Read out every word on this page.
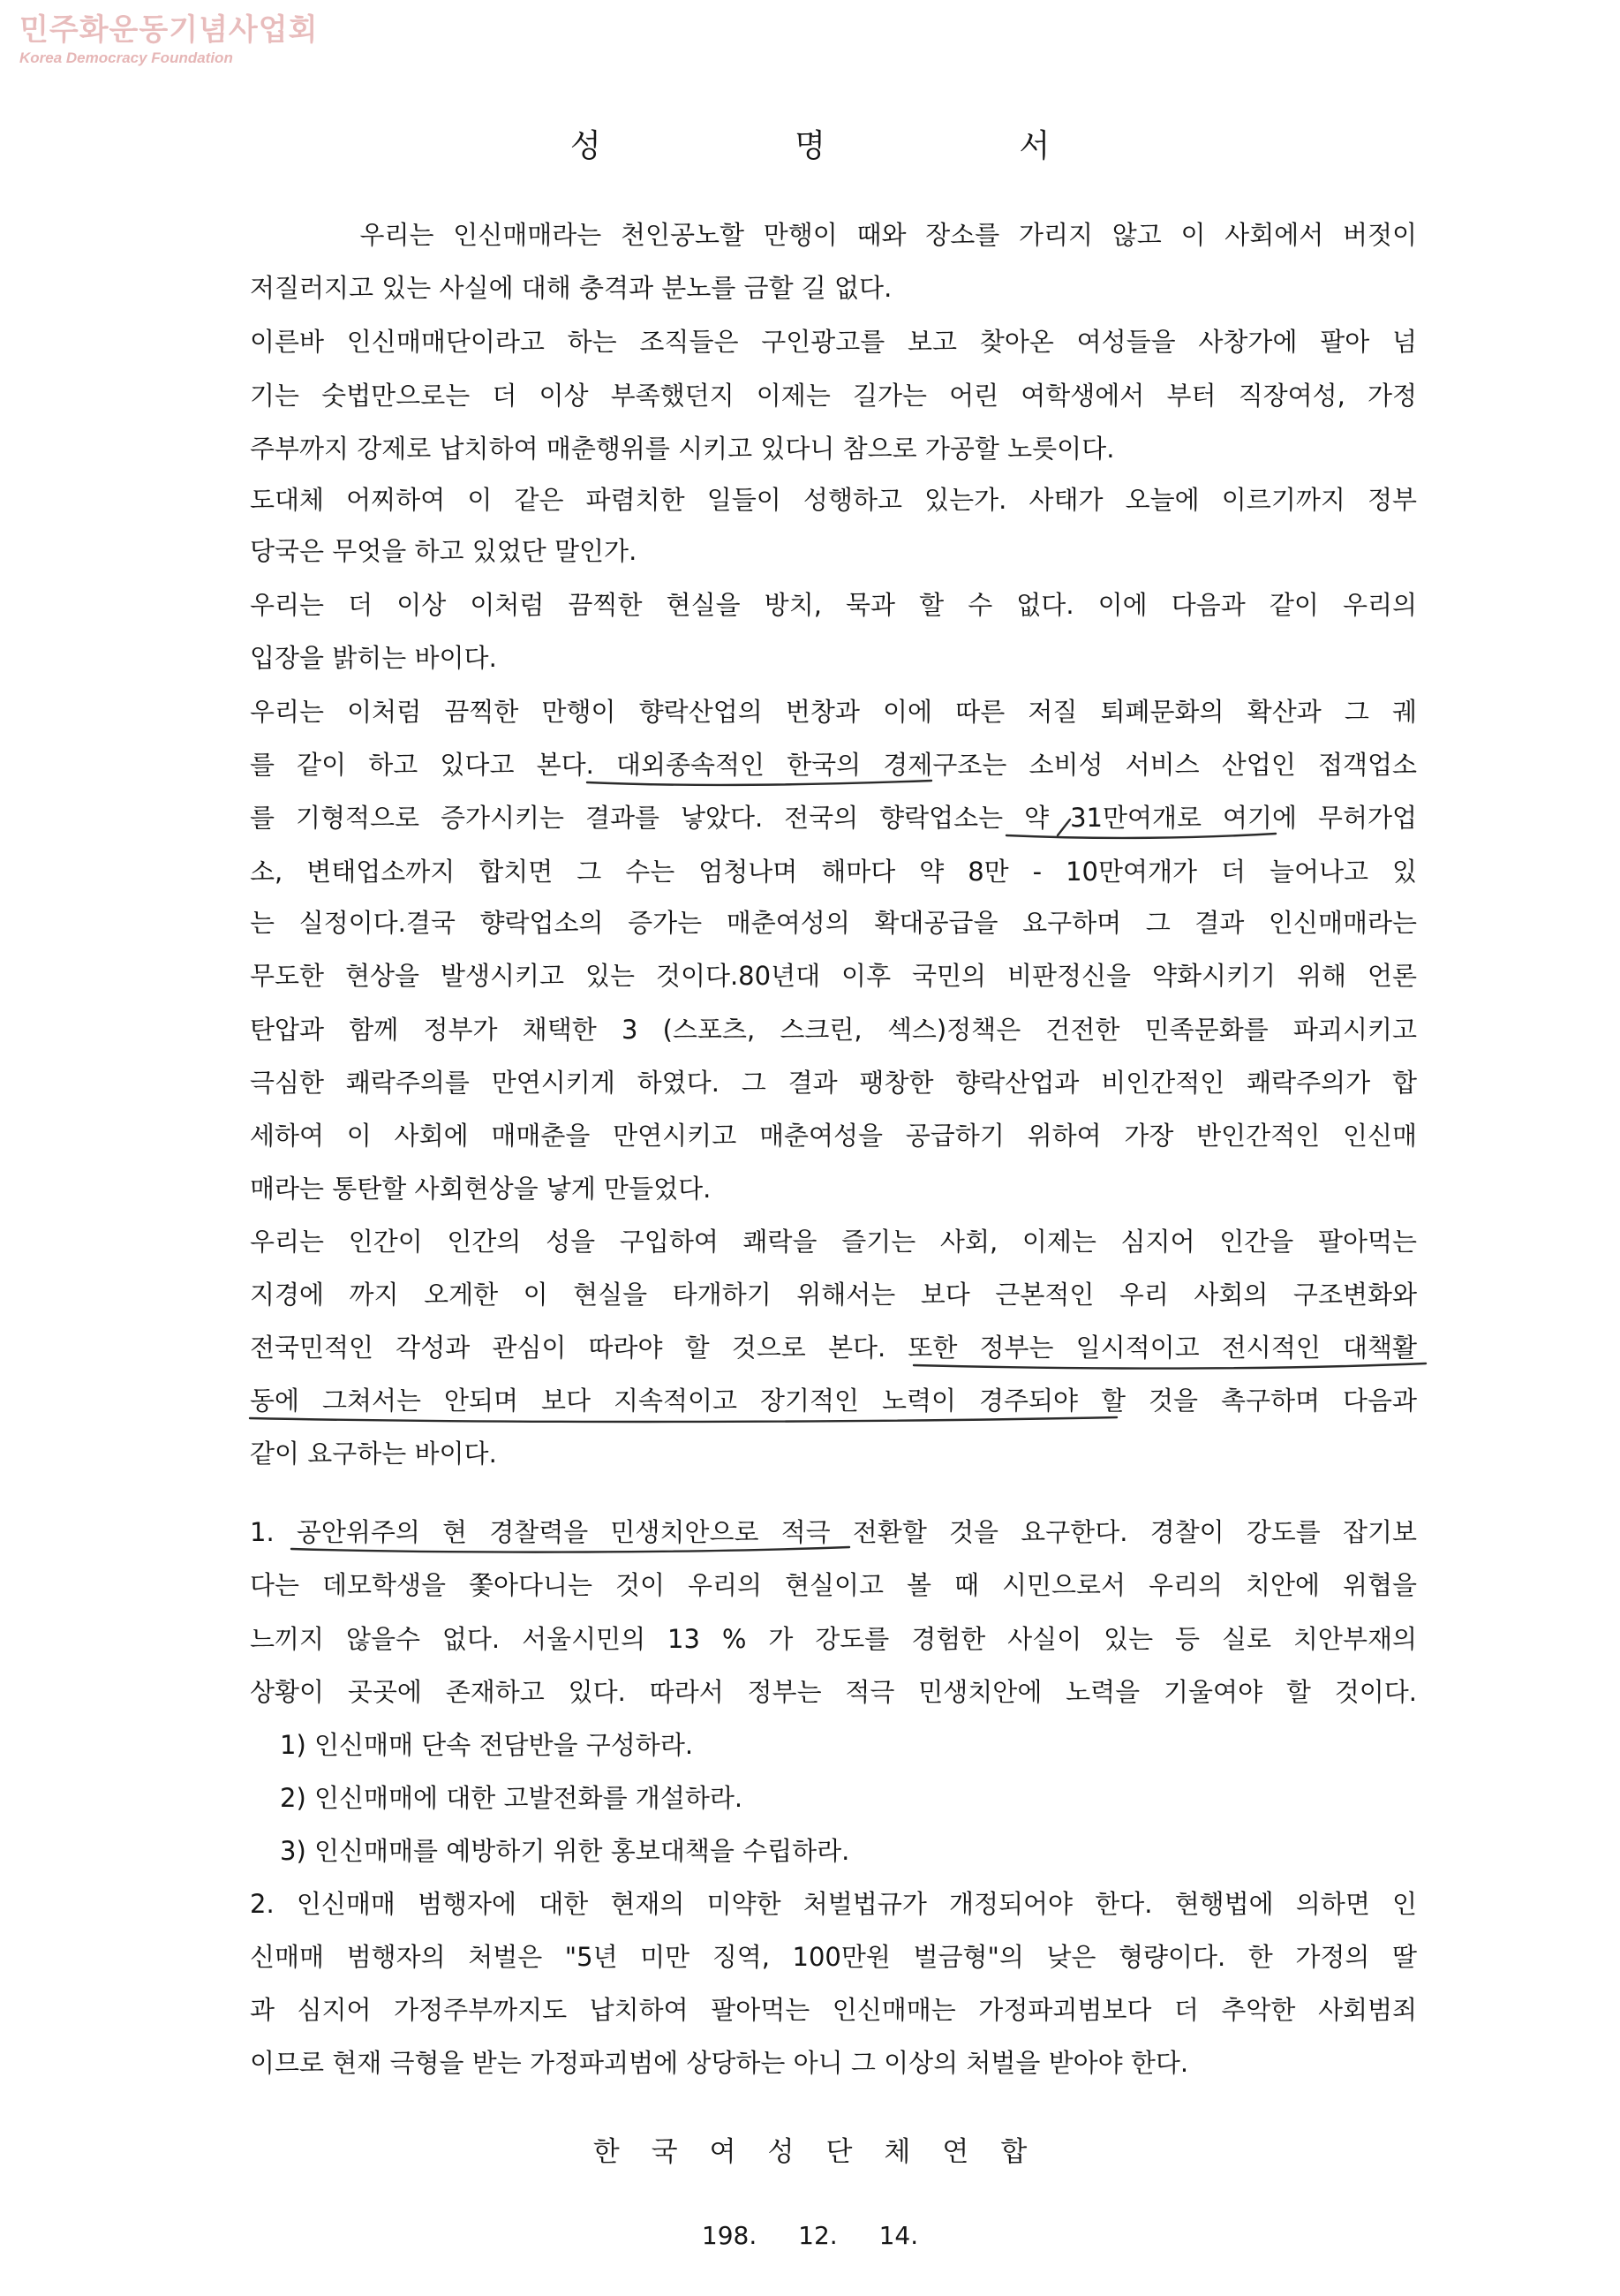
민주화운동기념사업회
Korea Democracy Foundation
성 명 서
　　　우리는 인신매매라는 천인공노할 만행이 때와 장소를 가리지 않고 이 사회에서 버젓이
저질러지고 있는 사실에 대해 충격과 분노를 금할 길 없다.
이른바 인신매매단이라고 하는 조직들은 구인광고를 보고 찾아온 여성들을 사창가에 팔아 넘
기는 숫법만으로는 더 이상 부족했던지 이제는 길가는 어린 여학생에서 부터 직장여성, 가정
주부까지 강제로 납치하여 매춘행위를 시키고 있다니 참으로 가공할 노릇이다.
도대체 어찌하여 이 같은 파렴치한 일들이 성행하고 있는가. 사태가 오늘에 이르기까지 정부
당국은 무엇을 하고 있었단 말인가.
우리는 더 이상 이처럼 끔찍한 현실을 방치, 묵과 할 수 없다. 이에 다음과 같이 우리의
입장을 밝히는 바이다.
우리는 이처럼 끔찍한 만행이 향락산업의 번창과 이에 따른 저질 퇴폐문화의 확산과 그 궤
를 같이 하고 있다고 본다. 대외종속적인 한국의 경제구조는 소비성 서비스 산업인 접객업소
를 기형적으로 증가시키는 결과를 낳았다. 전국의 향락업소는 약 31만여개로 여기에 무허가업
소, 변태업소까지 합치면 그 수는 엄청나며 해마다 약 8만 - 10만여개가 더 늘어나고 있
는 실정이다.결국 향락업소의 증가는 매춘여성의 확대공급을 요구하며 그 결과 인신매매라는
무도한 현상을 발생시키고 있는 것이다.80년대 이후 국민의 비판정신을 약화시키기 위해 언론
탄압과 함께 정부가 채택한 3 (스포츠, 스크린, 섹스)정책은 건전한 민족문화를 파괴시키고
극심한 쾌락주의를 만연시키게 하였다. 그 결과 팽창한 향락산업과 비인간적인 쾌락주의가 합
세하여 이 사회에 매매춘을 만연시키고 매춘여성을 공급하기 위하여 가장 반인간적인 인신매
매라는 통탄할 사회현상을 낳게 만들었다.
우리는 인간이 인간의 성을 구입하여 쾌락을 즐기는 사회, 이제는 심지어 인간을 팔아먹는
지경에 까지 오게한 이 현실을 타개하기 위해서는 보다 근본적인 우리 사회의 구조변화와
전국민적인 각성과 관심이 따라야 할 것으로 본다. 또한 정부는 일시적이고 전시적인 대책활
동에 그쳐서는 안되며 보다 지속적이고 장기적인 노력이 경주되야 할 것을 촉구하며 다음과
같이 요구하는 바이다.
1. 공안위주의 현 경찰력을 민생치안으로 적극 전환할 것을 요구한다. 경찰이 강도를 잡기보
다는 데모학생을 쫓아다니는 것이 우리의 현실이고 볼 때 시민으로서 우리의 치안에 위협을
느끼지 않을수 없다. 서울시민의 13 % 가 강도를 경험한 사실이 있는 등 실로 치안부재의
상황이 곳곳에 존재하고 있다. 따라서 정부는 적극 민생치안에 노력을 기울여야 할 것이다.
1) 인신매매 단속 전담반을 구성하라.
2) 인신매매에 대한 고발전화를 개설하라.
3) 인신매매를 예방하기 위한 홍보대책을 수립하라.
2. 인신매매 범행자에 대한 현재의 미약한 처벌법규가 개정되어야 한다. 현행법에 의하면 인
신매매 범행자의 처벌은 "5년 미만 징역, 100만원 벌금형"의 낮은 형량이다. 한 가정의 딸
과 심지어 가정주부까지도 납치하여 팔아먹는 인신매매는 가정파괴범보다 더 추악한 사회범죄
이므로 현재 극형을 받는 가정파괴범에 상당하는 아니 그 이상의 처벌을 받아야 한다.
한국여성단체연합
198. 12. 14.
